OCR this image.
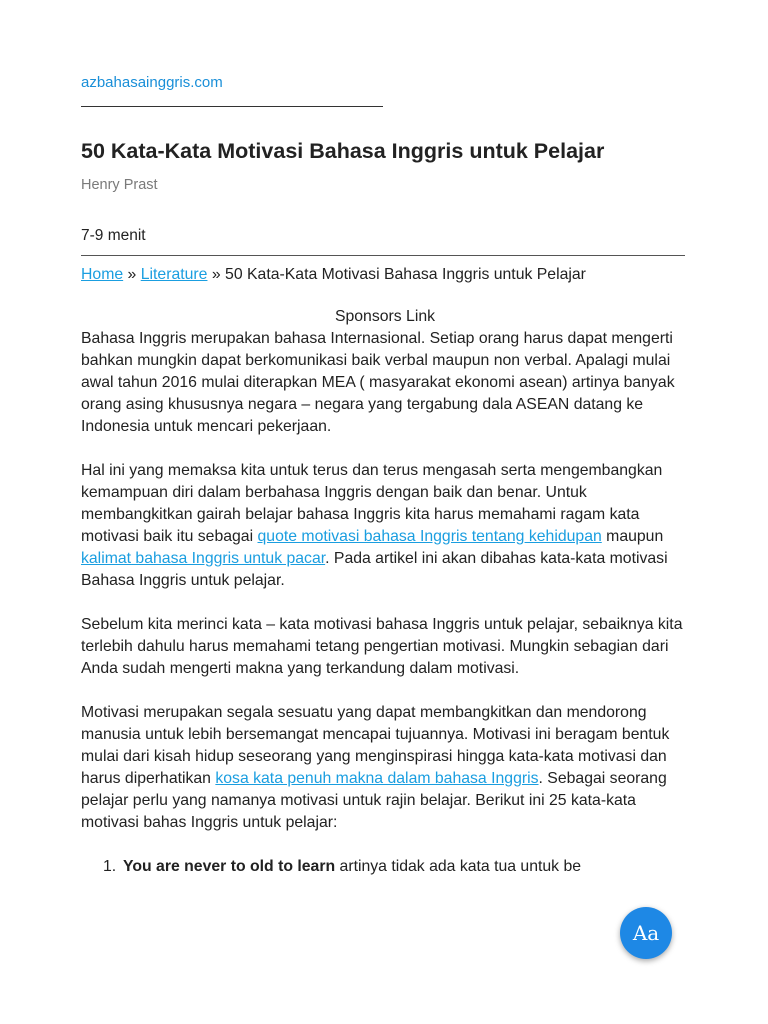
azbahasainggris.com
50 Kata-Kata Motivasi Bahasa Inggris untuk Pelajar
Henry Prast
7-9 menit
Home » Literature » 50 Kata-Kata Motivasi Bahasa Inggris untuk Pelajar
Sponsors Link

Bahasa Inggris merupakan bahasa Internasional. Setiap orang harus dapat mengerti bahkan mungkin dapat berkomunikasi baik verbal maupun non verbal. Apalagi mulai awal tahun 2016 mulai diterapkan MEA ( masyarakat ekonomi asean) artinya banyak orang asing khususnya negara – negara yang tergabung dala ASEAN datang ke Indonesia untuk mencari pekerjaan.

Hal ini yang memaksa kita untuk terus dan terus mengasah serta mengembangkan kemampuan diri dalam berbahasa Inggris dengan baik dan benar. Untuk membangkitkan gairah belajar bahasa Inggris kita harus memahami ragam kata motivasi baik itu sebagai quote motivasi bahasa Inggris tentang kehidupan maupun kalimat bahasa Inggris untuk pacar. Pada artikel ini akan dibahas kata-kata motivasi Bahasa Inggris untuk pelajar.

Sebelum kita merinci kata – kata motivasi bahasa Inggris untuk pelajar, sebaiknya kita terlebih dahulu harus memahami tetang pengertian motivasi. Mungkin sebagian dari Anda sudah mengerti makna yang terkandung dalam motivasi.

Motivasi merupakan segala sesuatu yang dapat membangkitkan dan mendorong manusia untuk lebih bersemangat mencapai tujuannya. Motivasi ini beragam bentuk mulai dari kisah hidup seseorang yang menginspirasi hingga kata-kata motivasi dan harus diperhatikan kosa kata penuh makna dalam bahasa Inggris. Sebagai seorang pelajar perlu yang namanya motivasi untuk rajin belajar. Berikut ini 25 kata-kata motivasi bahas Inggris untuk pelajar:

1. You are never to old to learn artinya tidak ada kata tua untuk be
Aa
